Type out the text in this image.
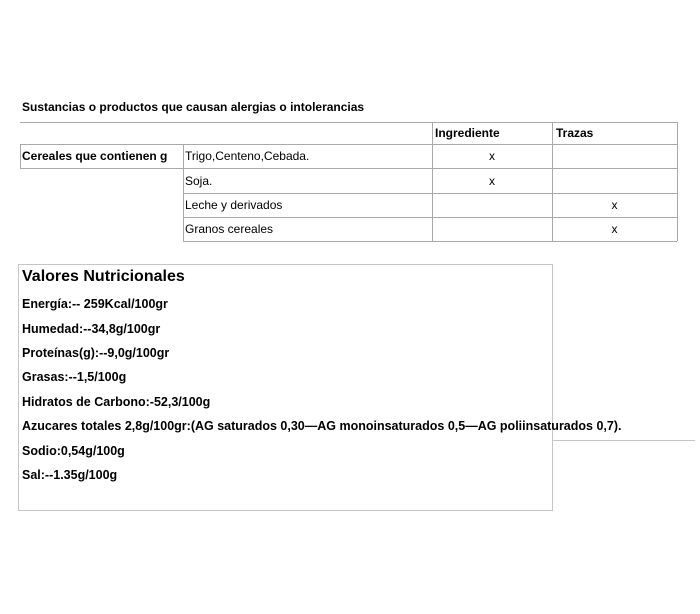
Sustancias o productos que causan alergias o intolerancias
Ingrediente	Trazas
Cereales que contienen g	Trigo,Centeno,Cebada.
Soja.
Leche y derivados
Granos cereales
x
x
x
x
Valores Nutricionales
Energía:-- 259Kcal/100gr
Humedad:--34,8g/100gr
Proteínas(g):--9,0g/100gr
Grasas:--1,5/100g
Hidratos de Carbono:-52,3/100g
Azucares totales 2,8g/100gr:(AG saturados 0,30—AG monoinsaturados 0,5—AG poliinsaturados 0,7).
Sodio:0,54g/100g
Sal:--1.35g/100g
